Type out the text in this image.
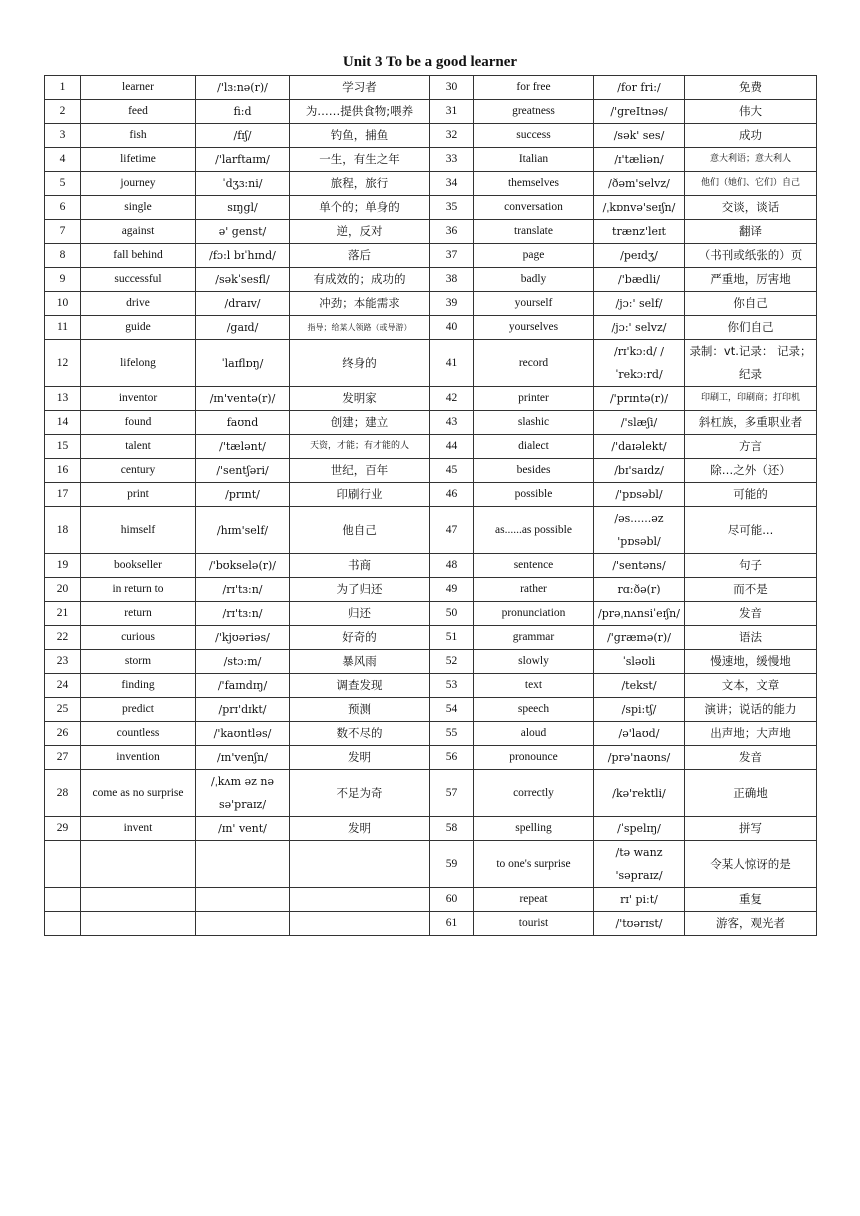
Unit 3 To be a good learner
1	learner	/'lɜ:nə(r)/	学习者	30	for free	/for fri:/	免费
2	feed	fi:d	为……提供食物;喂养	31	greatness	/'greItnəs/	伟大
3	fish	/fɪʃ/	钓鱼，捕鱼	32	success	/sək' ses/	成功
4	lifetime	/'larftaɪm/	一生，有生之年	33	Italian	/ɪ'tæliən/	意大利语；意大利人
5	journey	ˈdʒɜ:ni/	旅程，旅行	34	themselves	/ðəm'selvz/	他们（她们、它们）自己
6	single	sɪŋgl/	单个的；单身的	35	conversation	/ˌkɒnvə'seɪʃn/	交谈，谈话
7	against	ə' genst/	逆，反对	36	translate	trænz'leɪt	翻译
8	fall behind	/fɔ:l bɪˈhɪnd/	落后	37	page	/peɪdʒ/	（书刊或纸张的）页
9	successful	/səkˈsesfl/	有成效的；成功的	38	badly	/'bædli/	严重地，厉害地
10	drive	/draɪv/	冲劲；本能需求	39	yourself	/jɔ:' self/	你自己
11	guide	/gaɪd/	指导；给某人领路（或导游）	40	yourselves	/jɔ:' selvz/	你们自己
12	lifelong	ˈlaɪflɒŋ/	终身的	41	record	/rɪ'kɔ:d/ /ˈrekɔ:rd/	录制：vt.记录： 记录；纪录
13	inventor	/ɪn'ventə(r)/	发明家	42	printer	/'prɪntə(r)/	印刷工，印刷商；打印机
14	found	faʊnd	创建；建立	43	slashic	/'slæʃi/	斜杠族，多重职业者
15	talent	/'tælənt/	天资，才能；有才能的人	44	dialect	/'daɪəlekt/	方言
16	century	/'sentʃəri/	世纪，百年	45	besides	/bɪ'saɪdz/	除…之外（还）
17	print	/prɪnt/	印刷行业	46	possible	/'pɒsəbl/	可能的
18	himself	/hɪm'self/	他自己	47	as......as possible	/əs......əz 'pɒsəbl/	尽可能...
19	bookseller	/'bʊkselə(r)/	书商	48	sentence	/'sentəns/	句子
20	in return to	/rɪ'tɜ:n/	为了归还	49	rather	rɑ:ðə(r)	而不是
21	return	/rɪ'tɜ:n/	归还	50	pronunciation	/prəˌnʌnsiˈeɪʃn/	发音
22	curious	/'kjʊəriəs/	好奇的	51	grammar	/'græmə(r)/	语法
23	storm	/stɔ:m/	暴风雨	52	slowly	ˈsləʊli	慢速地，缓慢地
24	finding	/'faɪndɪŋ/	调查发现	53	text	/tekst/	文本，文章
25	predict	/prɪ'dɪkt/	预测	54	speech	/spi:tʃ/	演讲；说话的能力
26	countless	/'kaʊntləs/	数不尽的	55	aloud	/ə'laʊd/	出声地；大声地
27	invention	/ɪn'venʃn/	发明	56	pronounce	/prə'naʊns/	发音
28	come as no surprise	/ˌkʌm əz nə sə'praɪz/	不足为奇	57	correctly	/kə'rektli/	正确地
29	invent	/ɪn' vent/	发明	58	spelling	/ˈspelɪŋ/	拼写
				59	to one's surprise	/tə wanz 'səpraɪz/	令某人惊讶的是
				60	repeat	rɪ' pi:t/	重复
				61	tourist	/'tʊərɪst/	游客，观光者
